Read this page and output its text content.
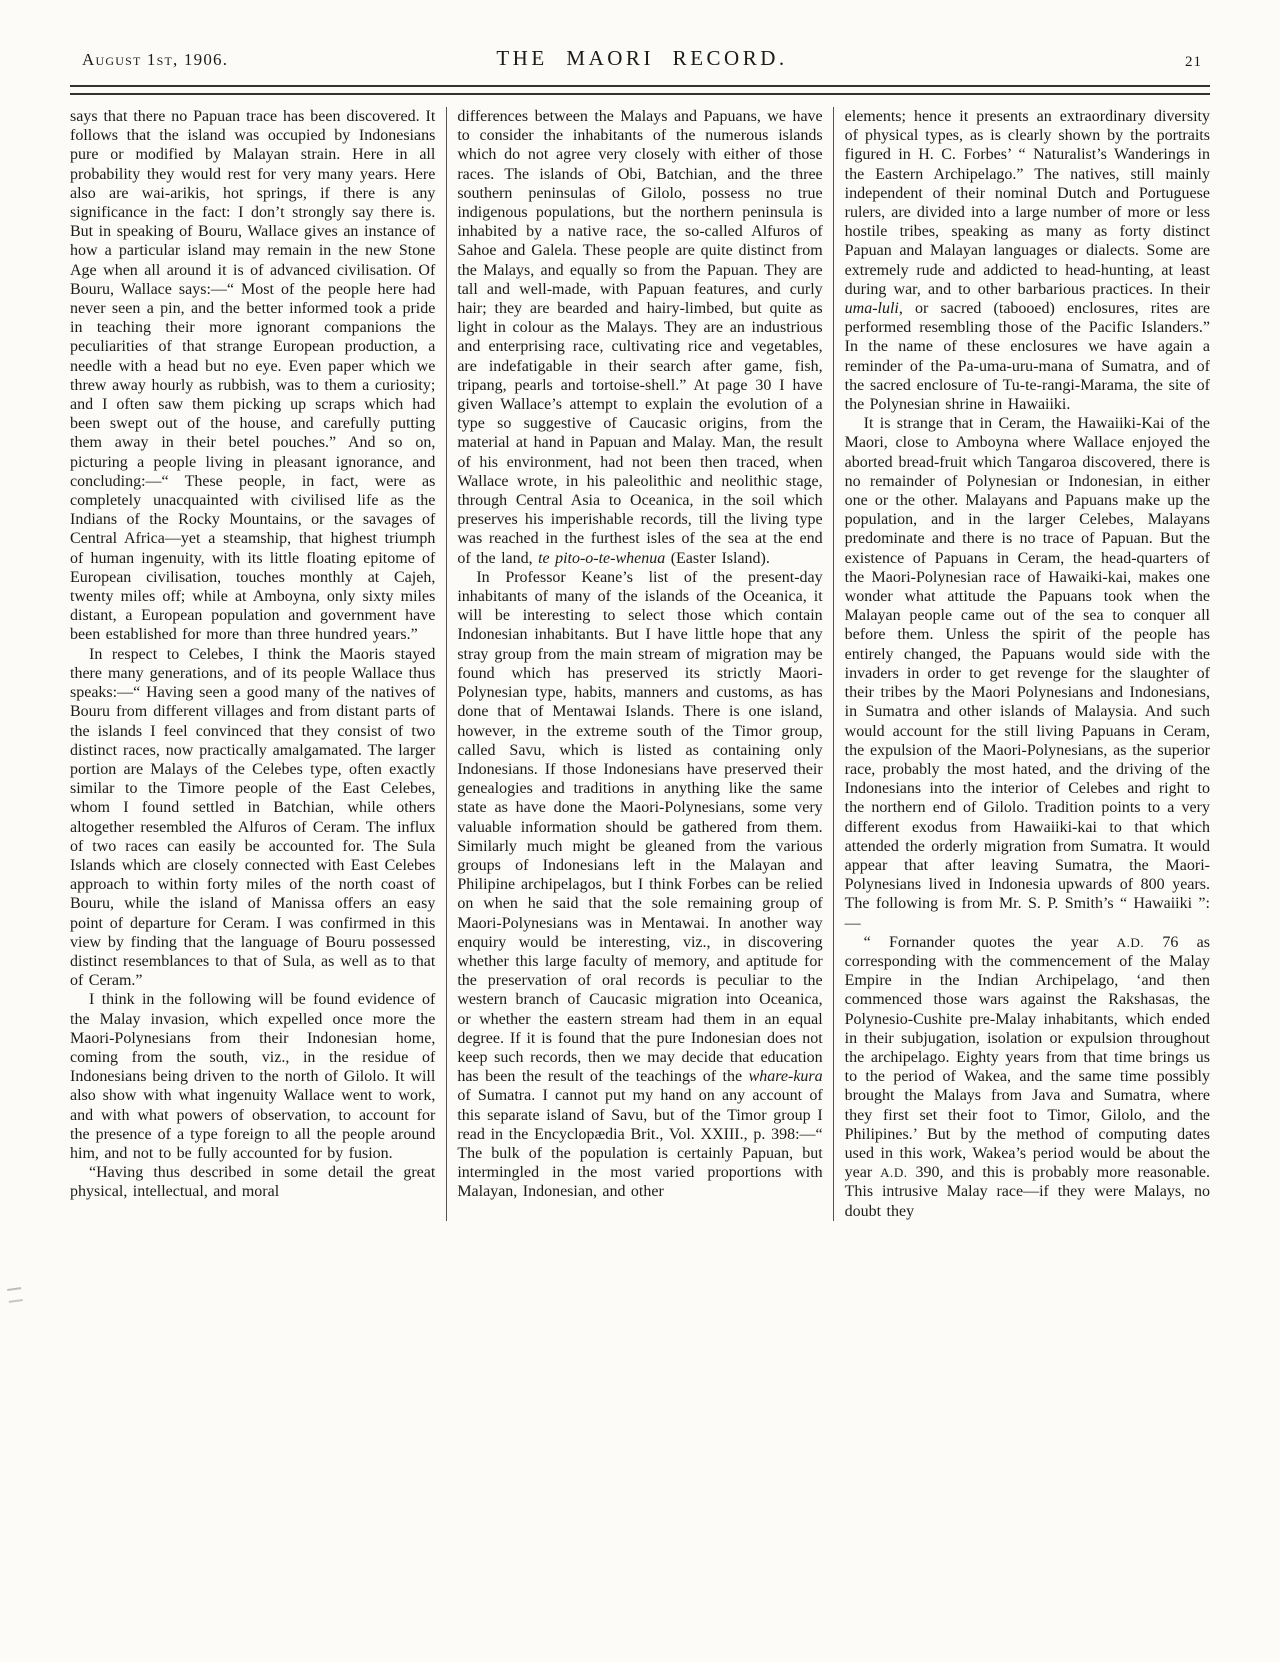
August 1st, 1906.	THE MAORI RECORD.	21

says that there no Papuan trace has been discovered. It follows that the island was occupied by Indonesians pure or modified by Malayan strain. Here in all probability they would rest for very many years. Here also are wai-arikis, hot springs, if there is any significance in the fact: I don’t strongly say there is. But in speaking of Bouru, Wallace gives an instance of how a particular island may remain in the new Stone Age when all around it is of advanced civilisation. Of Bouru, Wallace says:—“ Most of the people here had never seen a pin, and the better informed took a pride in teaching their more ignorant companions the peculiarities of that strange European production, a needle with a head but no eye. Even paper which we threw away hourly as rubbish, was to them a curiosity; and I often saw them picking up scraps which had been swept out of the house, and carefully putting them away in their betel pouches.” And so on, picturing a people living in pleasant ignorance, and concluding:—“ These people, in fact, were as completely unacquainted with civilised life as the Indians of the Rocky Mountains, or the savages of Central Africa—yet a steamship, that highest triumph of human ingenuity, with its little floating epitome of European civilisation, touches monthly at Cajeh, twenty miles off; while at Amboyna, only sixty miles distant, a European population and government have been established for more than three hundred years.”

In respect to Celebes, I think the Maoris stayed there many generations, and of its people Wallace thus speaks:—“ Having seen a good many of the natives of Bouru from different villages and from distant parts of the islands I feel convinced that they consist of two distinct races, now practically amalgamated. The larger portion are Malays of the Celebes type, often exactly similar to the Timore people of the East Celebes, whom I found settled in Batchian, while others altogether resembled the Alfuros of Ceram. The influx of two races can easily be accounted for. The Sula Islands which are closely connected with East Celebes approach to within forty miles of the north coast of Bouru, while the island of Manissa offers an easy point of departure for Ceram. I was confirmed in this view by finding that the language of Bouru possessed distinct resemblances to that of Sula, as well as to that of Ceram.”

I think in the following will be found evidence of the Malay invasion, which expelled once more the Maori-Polynesians from their Indonesian home, coming from the south, viz., in the residue of Indonesians being driven to the north of Gilolo. It will also show with what ingenuity Wallace went to work, and with what powers of observation, to account for the presence of a type foreign to all the people around him, and not to be fully accounted for by fusion.

“Having thus described in some detail the great physical, intellectual, and moral

differences between the Malays and Papuans, we have to consider the inhabitants of the numerous islands which do not agree very closely with either of those races. The islands of Obi, Batchian, and the three southern peninsulas of Gilolo, possess no true indigenous populations, but the northern peninsula is inhabited by a native race, the so-called Alfuros of Sahoe and Galela. These people are quite distinct from the Malays, and equally so from the Papuan. They are tall and well-made, with Papuan features, and curly hair; they are bearded and hairy-limbed, but quite as light in colour as the Malays. They are an industrious and enterprising race, cultivating rice and vegetables, are indefatigable in their search after game, fish, tripang, pearls and tortoise-shell.” At page 30 I have given Wallace’s attempt to explain the evolution of a type so suggestive of Caucasic origins, from the material at hand in Papuan and Malay. Man, the result of his environment, had not been then traced, when Wallace wrote, in his paleolithic and neolithic stage, through Central Asia to Oceanica, in the soil which preserves his imperishable records, till the living type was reached in the furthest isles of the sea at the end of the land, te pito-o-te-whenua (Easter Island).

In Professor Keane’s list of the present-day inhabitants of many of the islands of the Oceanica, it will be interesting to select those which contain Indonesian inhabitants. But I have little hope that any stray group from the main stream of migration may be found which has preserved its strictly Maori-Polynesian type, habits, manners and customs, as has done that of Mentawai Islands. There is one island, however, in the extreme south of the Timor group, called Savu, which is listed as containing only Indonesians. If those Indonesians have preserved their genealogies and traditions in anything like the same state as have done the Maori-Polynesians, some very valuable information should be gathered from them. Similarly much might be gleaned from the various groups of Indonesians left in the Malayan and Philipine archipelagos, but I think Forbes can be relied on when he said that the sole remaining group of Maori-Polynesians was in Mentawai. In another way enquiry would be interesting, viz., in discovering whether this large faculty of memory, and aptitude for the preservation of oral records is peculiar to the western branch of Caucasic migration into Oceanica, or whether the eastern stream had them in an equal degree. If it is found that the pure Indonesian does not keep such records, then we may decide that education has been the result of the teachings of the whare-kura of Sumatra. I cannot put my hand on any account of this separate island of Savu, but of the Timor group I read in the Encyclopædia Brit., Vol. XXIII., p. 398:—“ The bulk of the population is certainly Papuan, but intermingled in the most varied proportions with Malayan, Indonesian, and other

elements; hence it presents an extraordinary diversity of physical types, as is clearly shown by the portraits figured in H. C. Forbes’ “ Naturalist’s Wanderings in the Eastern Archipelago.” The natives, still mainly independent of their nominal Dutch and Portuguese rulers, are divided into a large number of more or less hostile tribes, speaking as many as forty distinct Papuan and Malayan languages or dialects. Some are extremely rude and addicted to head-hunting, at least during war, and to other barbarious practices. In their uma-luli, or sacred (tabooed) enclosures, rites are performed resembling those of the Pacific Islanders.” In the name of these enclosures we have again a reminder of the Pa-uma-uru-mana of Sumatra, and of the sacred enclosure of Tu-te-rangi-Marama, the site of the Polynesian shrine in Hawaiiki.

It is strange that in Ceram, the Hawaiiki-Kai of the Maori, close to Amboyna where Wallace enjoyed the aborted bread-fruit which Tangaroa discovered, there is no remainder of Polynesian or Indonesian, in either one or the other. Malayans and Papuans make up the population, and in the larger Celebes, Malayans predominate and there is no trace of Papuan. But the existence of Papuans in Ceram, the head-quarters of the Maori-Polynesian race of Hawaiki-kai, makes one wonder what attitude the Papuans took when the Malayan people came out of the sea to conquer all before them. Unless the spirit of the people has entirely changed, the Papuans would side with the invaders in order to get revenge for the slaughter of their tribes by the Maori Polynesians and Indonesians, in Sumatra and other islands of Malaysia. And such would account for the still living Papuans in Ceram, the expulsion of the Maori-Polynesians, as the superior race, probably the most hated, and the driving of the Indonesians into the interior of Celebes and right to the northern end of Gilolo. Tradition points to a very different exodus from Hawaiiki-kai to that which attended the orderly migration from Sumatra. It would appear that after leaving Sumatra, the Maori-Polynesians lived in Indonesia upwards of 800 years. The following is from Mr. S. P. Smith’s “ Hawaiiki ”:—

“ Fornander quotes the year A.D. 76 as corresponding with the commencement of the Malay Empire in the Indian Archipelago, ‘and then commenced those wars against the Rakshasas, the Polynesio-Cushite pre-Malay inhabitants, which ended in their subjugation, isolation or expulsion throughout the archipelago. Eighty years from that time brings us to the period of Wakea, and the same time possibly brought the Malays from Java and Sumatra, where they first set their foot to Timor, Gilolo, and the Philipines.’ But by the method of computing dates used in this work, Wakea’s period would be about the year A.D. 390, and this is probably more reasonable. This intrusive Malay race—if they were Malays, no doubt they
